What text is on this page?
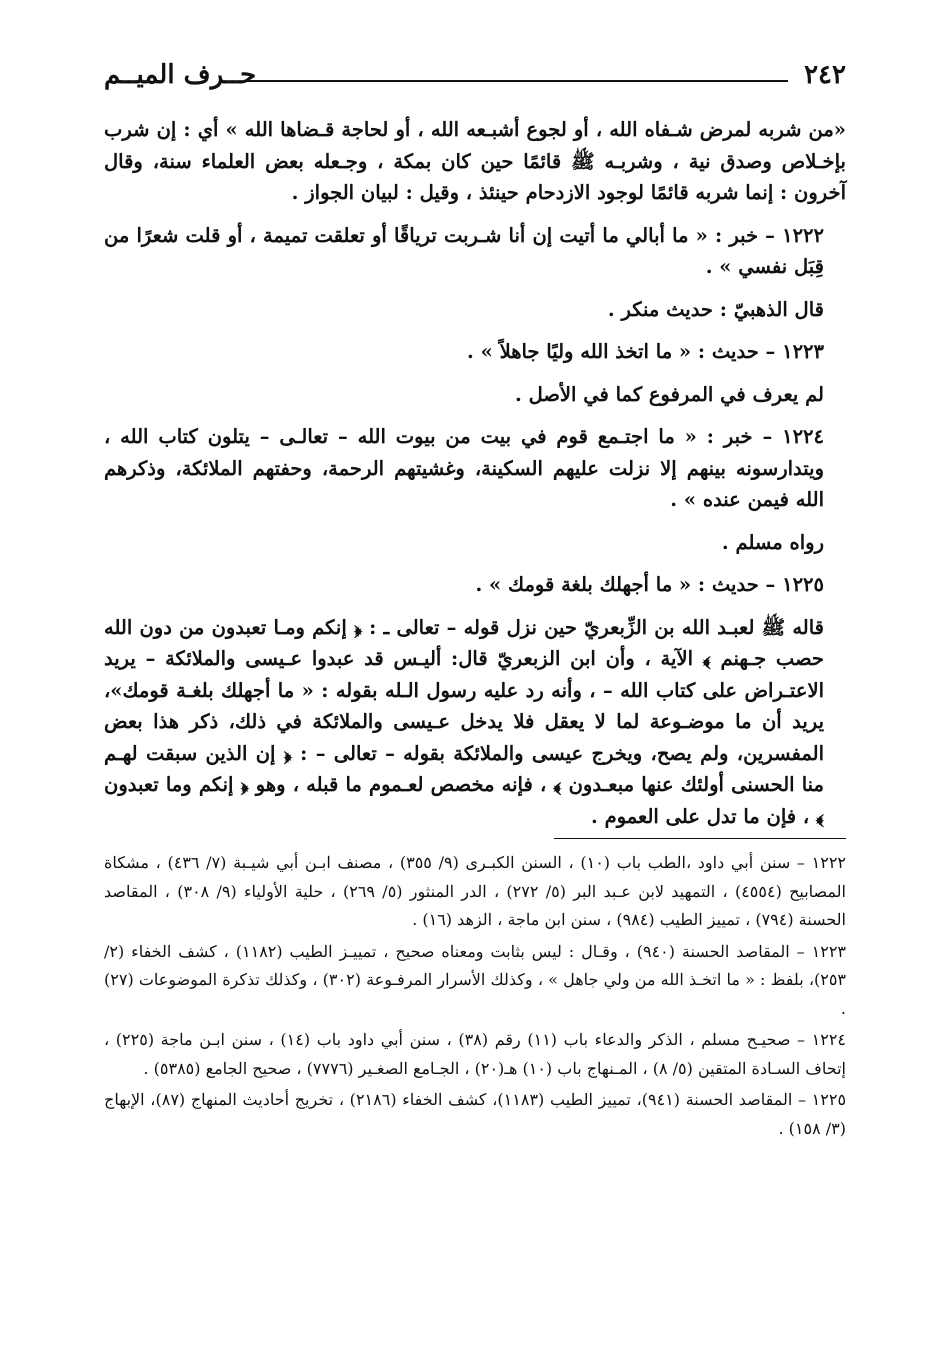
٢٤٢
حــرف الميــم

«من شربه لمرض شـفاه الله ، أو لجوع أشبـعه الله ، أو لحاجة قـضاها الله » أي : إن شرب بإخـلاص وصدق نية ، وشربـه ﷺ قائمًا حين كان بمكة ، وجـعله بعض العلماء سنة، وقال آخرون : إنما شربه قائمًا لوجود الازدحام حينئذ ، وقيل : لبيان الجواز .

١٢٢٢ – خبر : « ما أبالي ما أتيت إن أنا شـربت ترياقًا أو تعلقت تميمة ، أو قلت شعرًا من قِبَل نفسي » .

قال الذهبيّ : حديث منكر .

١٢٢٣ – حديث : « ما اتخذ الله وليًا جاهلاً » .

لم يعرف في المرفوع كما في الأصل .

١٢٢٤ – خبر : « ما اجتـمع قوم في بيت من بيوت الله – تعالـى – يتلون كتاب الله ، ويتدارسونه بينهم إلا نزلت عليهم السكينة، وغشيتهم الرحمة، وحفتهم الملائكة، وذكرهم الله فيمن عنده » .

رواه مسلم .

١٢٢٥ – حديث : « ما أجهلك بلغة قومك » .

قاله ﷺ لعبـد الله بن الزِّبعريّ حين نزل قوله – تعالى ـ : ﴿ إنكم ومـا تعبدون من دون الله حصب جـهنم ﴾ الآية ، وأن ابن الزبعريّ قال: أليـس قد عبدوا عـيسى والملائكة – يريد الاعتـراض على كتاب الله – ، وأنه رد عليه رسول الـله بقوله : « ما أجهلك بلغـة قومك»، يريد أن ما موضـوعة لما لا يعقل فلا يدخل عـيسى والملائكة في ذلك، ذكر هذا بعض المفسرين، ولم يصح، ويخرج عيسى والملائكة بقوله – تعالى – : ﴿ إن الذين سبقت لهـم منا الحسنى أولئك عنها مبعـدون ﴾ ، فإنه مخصص لعـموم ما قبله ، وهو ﴿ إنكم وما تعبدون ﴾ ، فإن ما تدل على العموم .

١٢٢٢ – سنن أبي داود ،الطب باب (١٠) ، السنن الكبـرى (٩/ ٣٥٥) ، مصنف ابـن أبي شيـبة (٧/ ٤٣٦) ، مشكاة المصابيح (٤٥٥٤) ، التمهيد لابن عـبد البر (٥/ ٢٧٢) ، الدر المنثور (٥/ ٢٦٩) ، حلية الأولياء (٩/ ٣٠٨) ، المقاصد الحسنة (٧٩٤) ، تمييز الطيب (٩٨٤) ، سنن ابن ماجة ، الزهد (١٦) .

١٢٢٣ – المقاصد الحسنة (٩٤٠) ، وقـال : ليس بثابت ومعناه صحيح ، تمييـز الطيب (١١٨٢) ، كشف الخفاء (٢/ ٢٥٣)، بلفظ : « ما اتخـذ الله من ولي جاهل » ، وكذلك الأسرار المرفـوعة (٣٠٢) ، وكذلك تذكرة الموضوعات (٢٧) .

١٢٢٤ – صحيـح مسلم ، الذكر والدعاء باب (١١) رقم (٣٨) ، سنن أبي داود باب (١٤) ، سنن ابـن ماجة (٢٢٥) ، إتحاف السـادة المتقين (٥/ ٨) ، المـنهاج باب (١٠) هـ(٢٠) ، الجـامع الصغـير (٧٧٧٦) ، صحيح الجامع (٥٣٨٥) .

١٢٢٥ – المقاصد الحسنة (٩٤١)، تمييز الطيب (١١٨٣)، كشف الخفاء (٢١٨٦) ، تخريج أحاديث المنهاج (٨٧)، الإبهاج (٣/ ١٥٨) .
